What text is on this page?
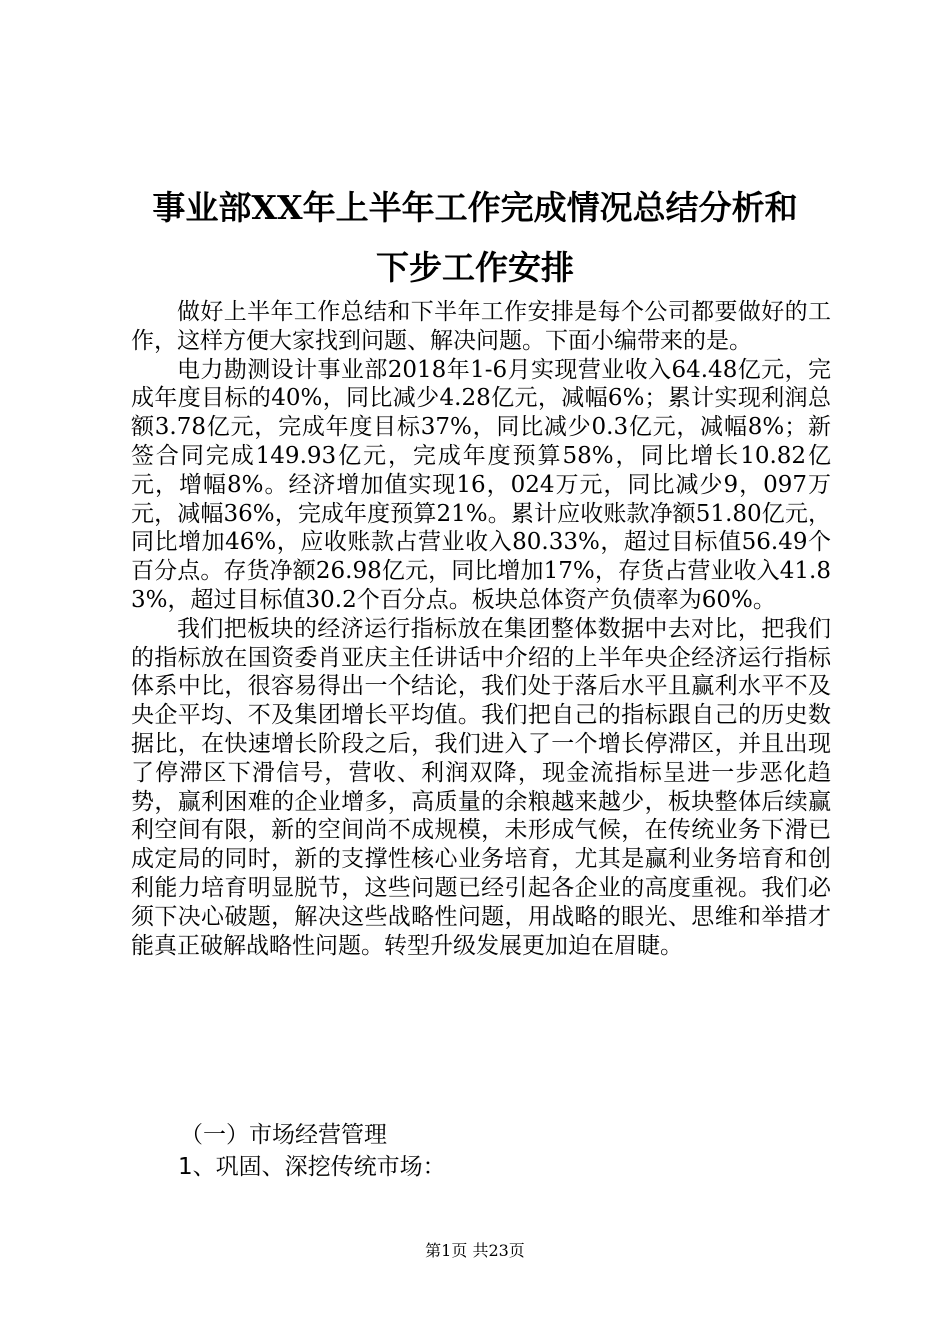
事业部XX年上半年工作完成情况总结分析和
下步工作安排

做好上半年工作总结和下半年工作安排是每个公司都要做好的工作，这样方便大家找到问题、解决问题。下面小编带来的是。

电力勘测设计事业部2018年1-6月实现营业收入64.48亿元，完成年度目标的40%，同比减少4.28亿元，减幅6%；累计实现利润总额3.78亿元，完成年度目标37%，同比减少0.3亿元，减幅8%；新签合同完成149.93亿元，完成年度预算58%，同比增长10.82亿元，增幅8%。经济增加值实现16，024万元，同比减少9，097万元，减幅36%，完成年度预算21%。累计应收账款净额51.80亿元，同比增加46%，应收账款占营业收入80.33%，超过目标值56.49个百分点。存货净额26.98亿元，同比增加17%，存货占营业收入41.83%，超过目标值30.2个百分点。板块总体资产负债率为60%。

我们把板块的经济运行指标放在集团整体数据中去对比，把我们的指标放在国资委肖亚庆主任讲话中介绍的上半年央企经济运行指标体系中比，很容易得出一个结论，我们处于落后水平且赢利水平不及央企平均、不及集团增长平均值。我们把自己的指标跟自己的历史数据比，在快速增长阶段之后，我们进入了一个增长停滞区，并且出现了停滞区下滑信号，营收、利润双降，现金流指标呈进一步恶化趋势，赢利困难的企业增多，高质量的余粮越来越少，板块整体后续赢利空间有限，新的空间尚不成规模，未形成气候，在传统业务下滑已成定局的同时，新的支撑性核心业务培育，尤其是赢利业务培育和创利能力培育明显脱节，这些问题已经引起各企业的高度重视。我们必须下决心破题，解决这些战略性问题，用战略的眼光、思维和举措才能真正破解战略性问题。转型升级发展更加迫在眉睫。

（一）市场经营管理
1、巩固、深挖传统市场：
第1页 共23页
